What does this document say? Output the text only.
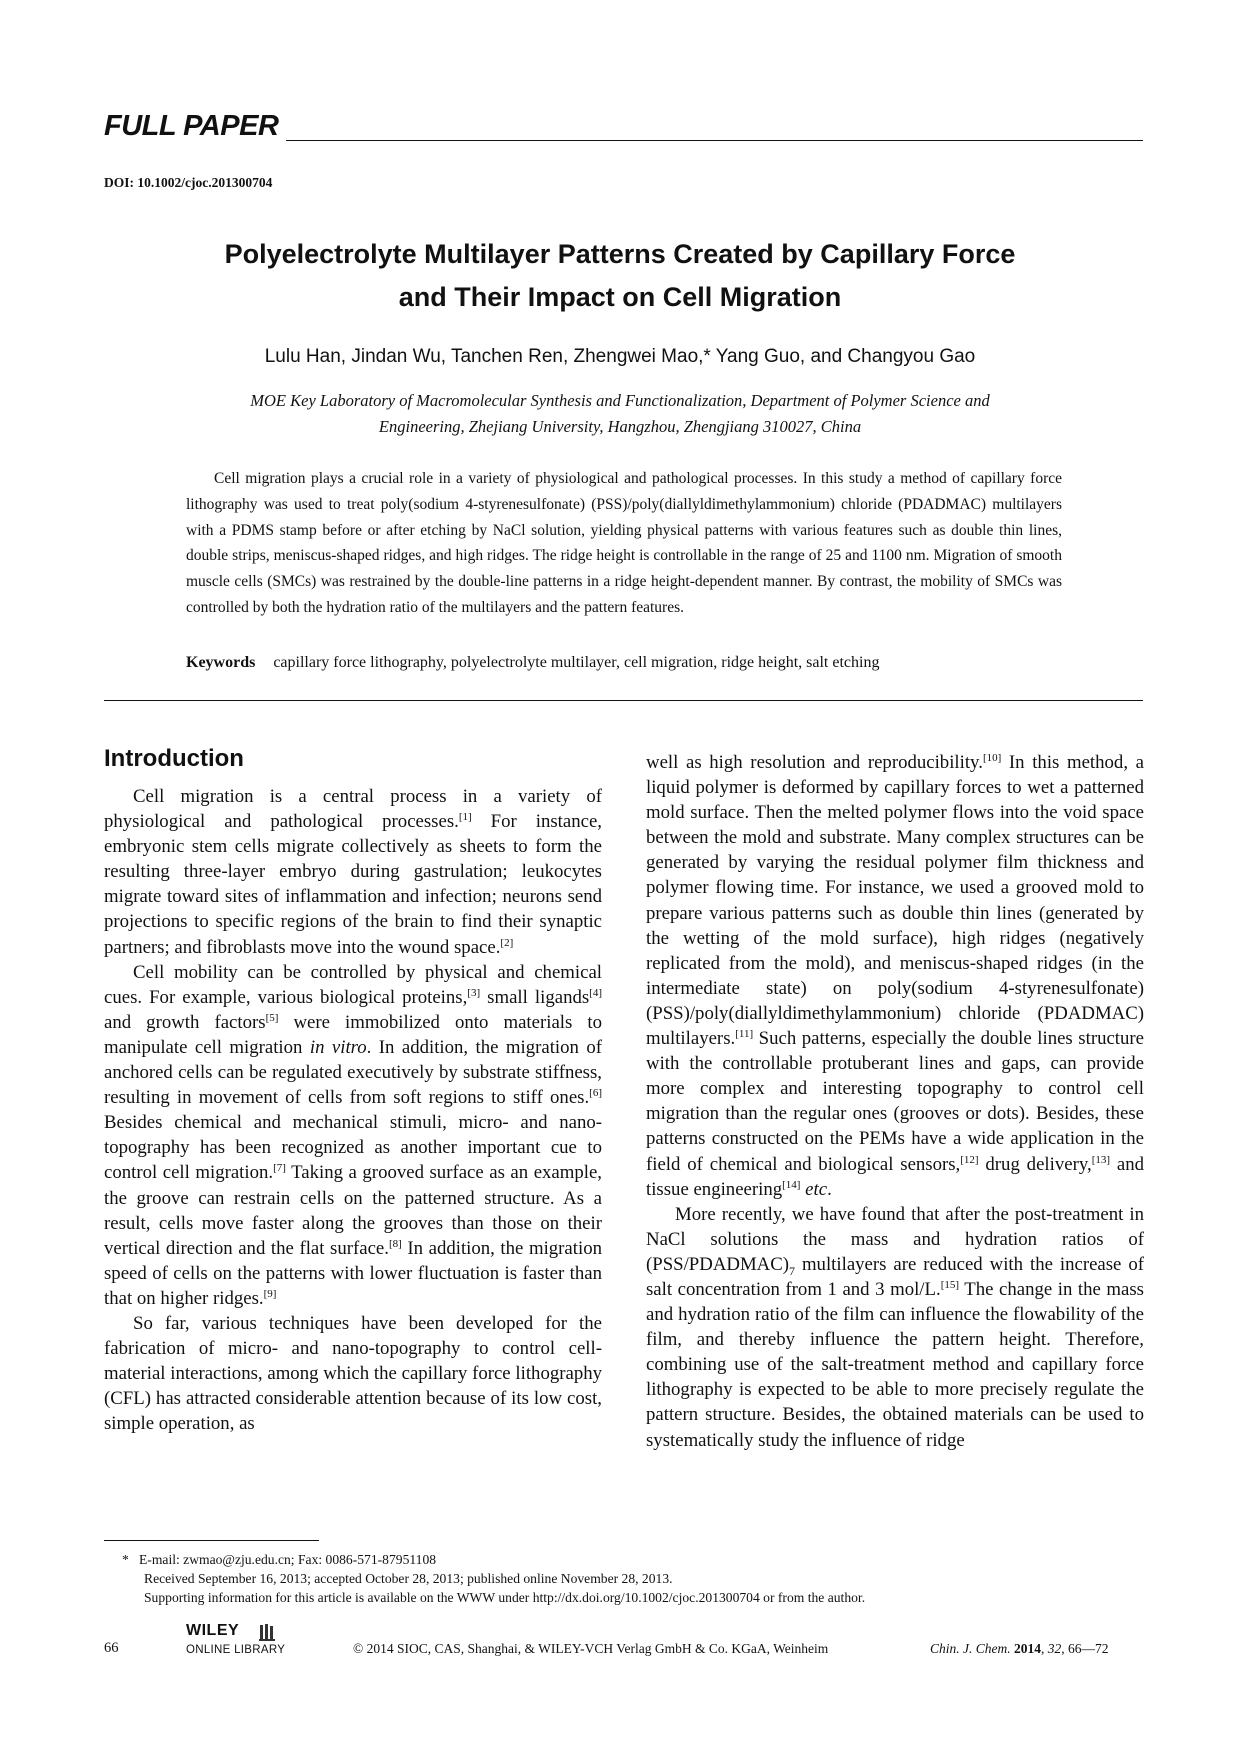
FULL PAPER
DOI: 10.1002/cjoc.201300704
Polyelectrolyte Multilayer Patterns Created by Capillary Force
and Their Impact on Cell Migration
Lulu Han, Jindan Wu, Tanchen Ren, Zhengwei Mao,* Yang Guo, and Changyou Gao
MOE Key Laboratory of Macromolecular Synthesis and Functionalization, Department of Polymer Science and
Engineering, Zhejiang University, Hangzhou, Zhengjiang 310027, China
Cell migration plays a crucial role in a variety of physiological and pathological processes. In this study a method of capillary force lithography was used to treat poly(sodium 4-styrenesulfonate) (PSS)/poly(diallyldimethylammonium) chloride (PDADMAC) multilayers with a PDMS stamp before or after etching by NaCl solution, yielding physical patterns with various features such as double thin lines, double strips, meniscus-shaped ridges, and high ridges. The ridge height is controllable in the range of 25 and 1100 nm. Migration of smooth muscle cells (SMCs) was restrained by the double-line patterns in a ridge height-dependent manner. By contrast, the mobility of SMCs was controlled by both the hydration ratio of the multilayers and the pattern features.
Keywords capillary force lithography, polyelectrolyte multilayer, cell migration, ridge height, salt etching
Introduction

Cell migration is a central process in a variety of physiological and pathological processes.[1] For instance, embryonic stem cells migrate collectively as sheets to form the resulting three-layer embryo during gastrulation; leukocytes migrate toward sites of inflammation and infection; neurons send projections to specific regions of the brain to find their synaptic partners; and fibroblasts move into the wound space.[2]

Cell mobility can be controlled by physical and chemical cues. For example, various biological proteins,[3] small ligands[4] and growth factors[5] were immobilized onto materials to manipulate cell migration in vitro. In addition, the migration of anchored cells can be regulated executively by substrate stiffness, resulting in movement of cells from soft regions to stiff ones.[6] Besides chemical and mechanical stimuli, micro- and nano-topography has been recognized as another important cue to control cell migration.[7] Taking a grooved surface as an example, the groove can restrain cells on the patterned structure. As a result, cells move faster along the grooves than those on their vertical direction and the flat surface.[8] In addition, the migration speed of cells on the patterns with lower fluctuation is faster than that on higher ridges.[9]

So far, various techniques have been developed for the fabrication of micro- and nano-topography to control cell-material interactions, among which the capillary force lithography (CFL) has attracted considerable attention because of its low cost, simple operation, as

well as high resolution and reproducibility.[10] In this method, a liquid polymer is deformed by capillary forces to wet a patterned mold surface. Then the melted polymer flows into the void space between the mold and substrate. Many complex structures can be generated by varying the residual polymer film thickness and polymer flowing time. For instance, we used a grooved mold to prepare various patterns such as double thin lines (generated by the wetting of the mold surface), high ridges (negatively replicated from the mold), and meniscus-shaped ridges (in the intermediate state) on poly(sodium 4-styrenesulfonate) (PSS)/poly(diallyldimethylammonium) chloride (PDADMAC) multilayers.[11] Such patterns, especially the double lines structure with the controllable protuberant lines and gaps, can provide more complex and interesting topography to control cell migration than the regular ones (grooves or dots). Besides, these patterns constructed on the PEMs have a wide application in the field of chemical and biological sensors,[12] drug delivery,[13] and tissue engineering[14] etc.

More recently, we have found that after the post-treatment in NaCl solutions the mass and hydration ratios of $(PSS/PDADMAC)_7$ multilayers are reduced with the increase of salt concentration from 1 and 3 mol/L.[15] The change in the mass and hydration ratio of the film can influence the flowability of the film, and thereby influence the pattern height. Therefore, combining use of the salt-treatment method and capillary force lithography is expected to be able to more precisely regulate the pattern structure. Besides, the obtained materials can be used to systematically study the influence of ridge

* E-mail: zwmao@zju.edu.cn; Fax: 0086-571-87951108
Received September 16, 2013; accepted October 28, 2013; published online November 28, 2013.
Supporting information for this article is available on the WWW under http://dx.doi.org/10.1002/cjoc.201300704 or from the author.
66
WILEY
ONLINE LIBRARY	© 2014 SIOC, CAS, Shanghai, & WILEY-VCH Verlag GmbH & Co. KGaA, Weinheim	Chin. J. Chem. 2014, 32, 66—72
